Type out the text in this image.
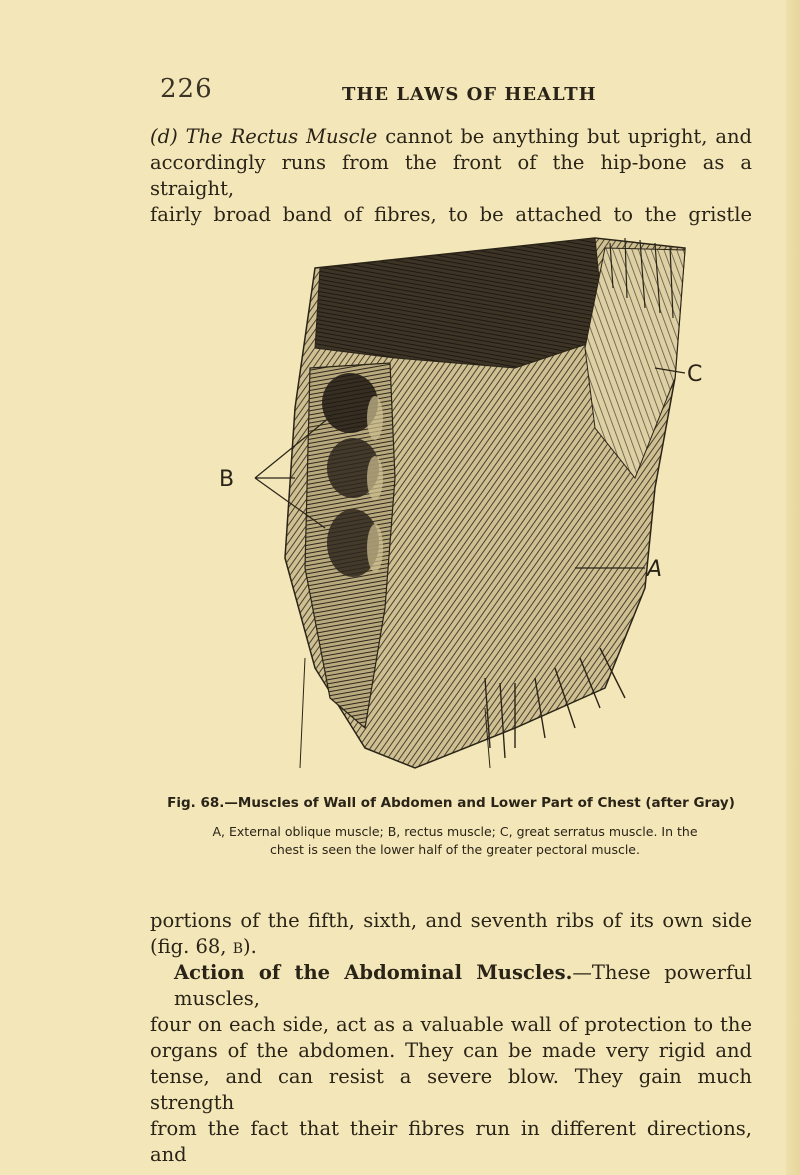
226	THE LAWS OF HEALTH
(d) The Rectus Muscle cannot be anything but upright, and
accordingly runs from the front of the hip-bone as a straight,
fairly broad band of fibres, to be attached to the gristle
B
C
A
Fig. 68.—Muscles of Wall of Abdomen and Lower Part of Chest (after Gray)
A, External oblique muscle; B, rectus muscle; C, great serratus muscle. In the
chest is seen the lower half of the greater pectoral muscle.
portions of the fifth, sixth, and seventh ribs of its own side
(fig. 68, b).
Action of the Abdominal Muscles.—These powerful muscles,
four on each side, act as a valuable wall of protection to the
organs of the abdomen. They can be made very rigid and
tense, and can resist a severe blow. They gain much strength
from the fact that their fibres run in different directions, and
